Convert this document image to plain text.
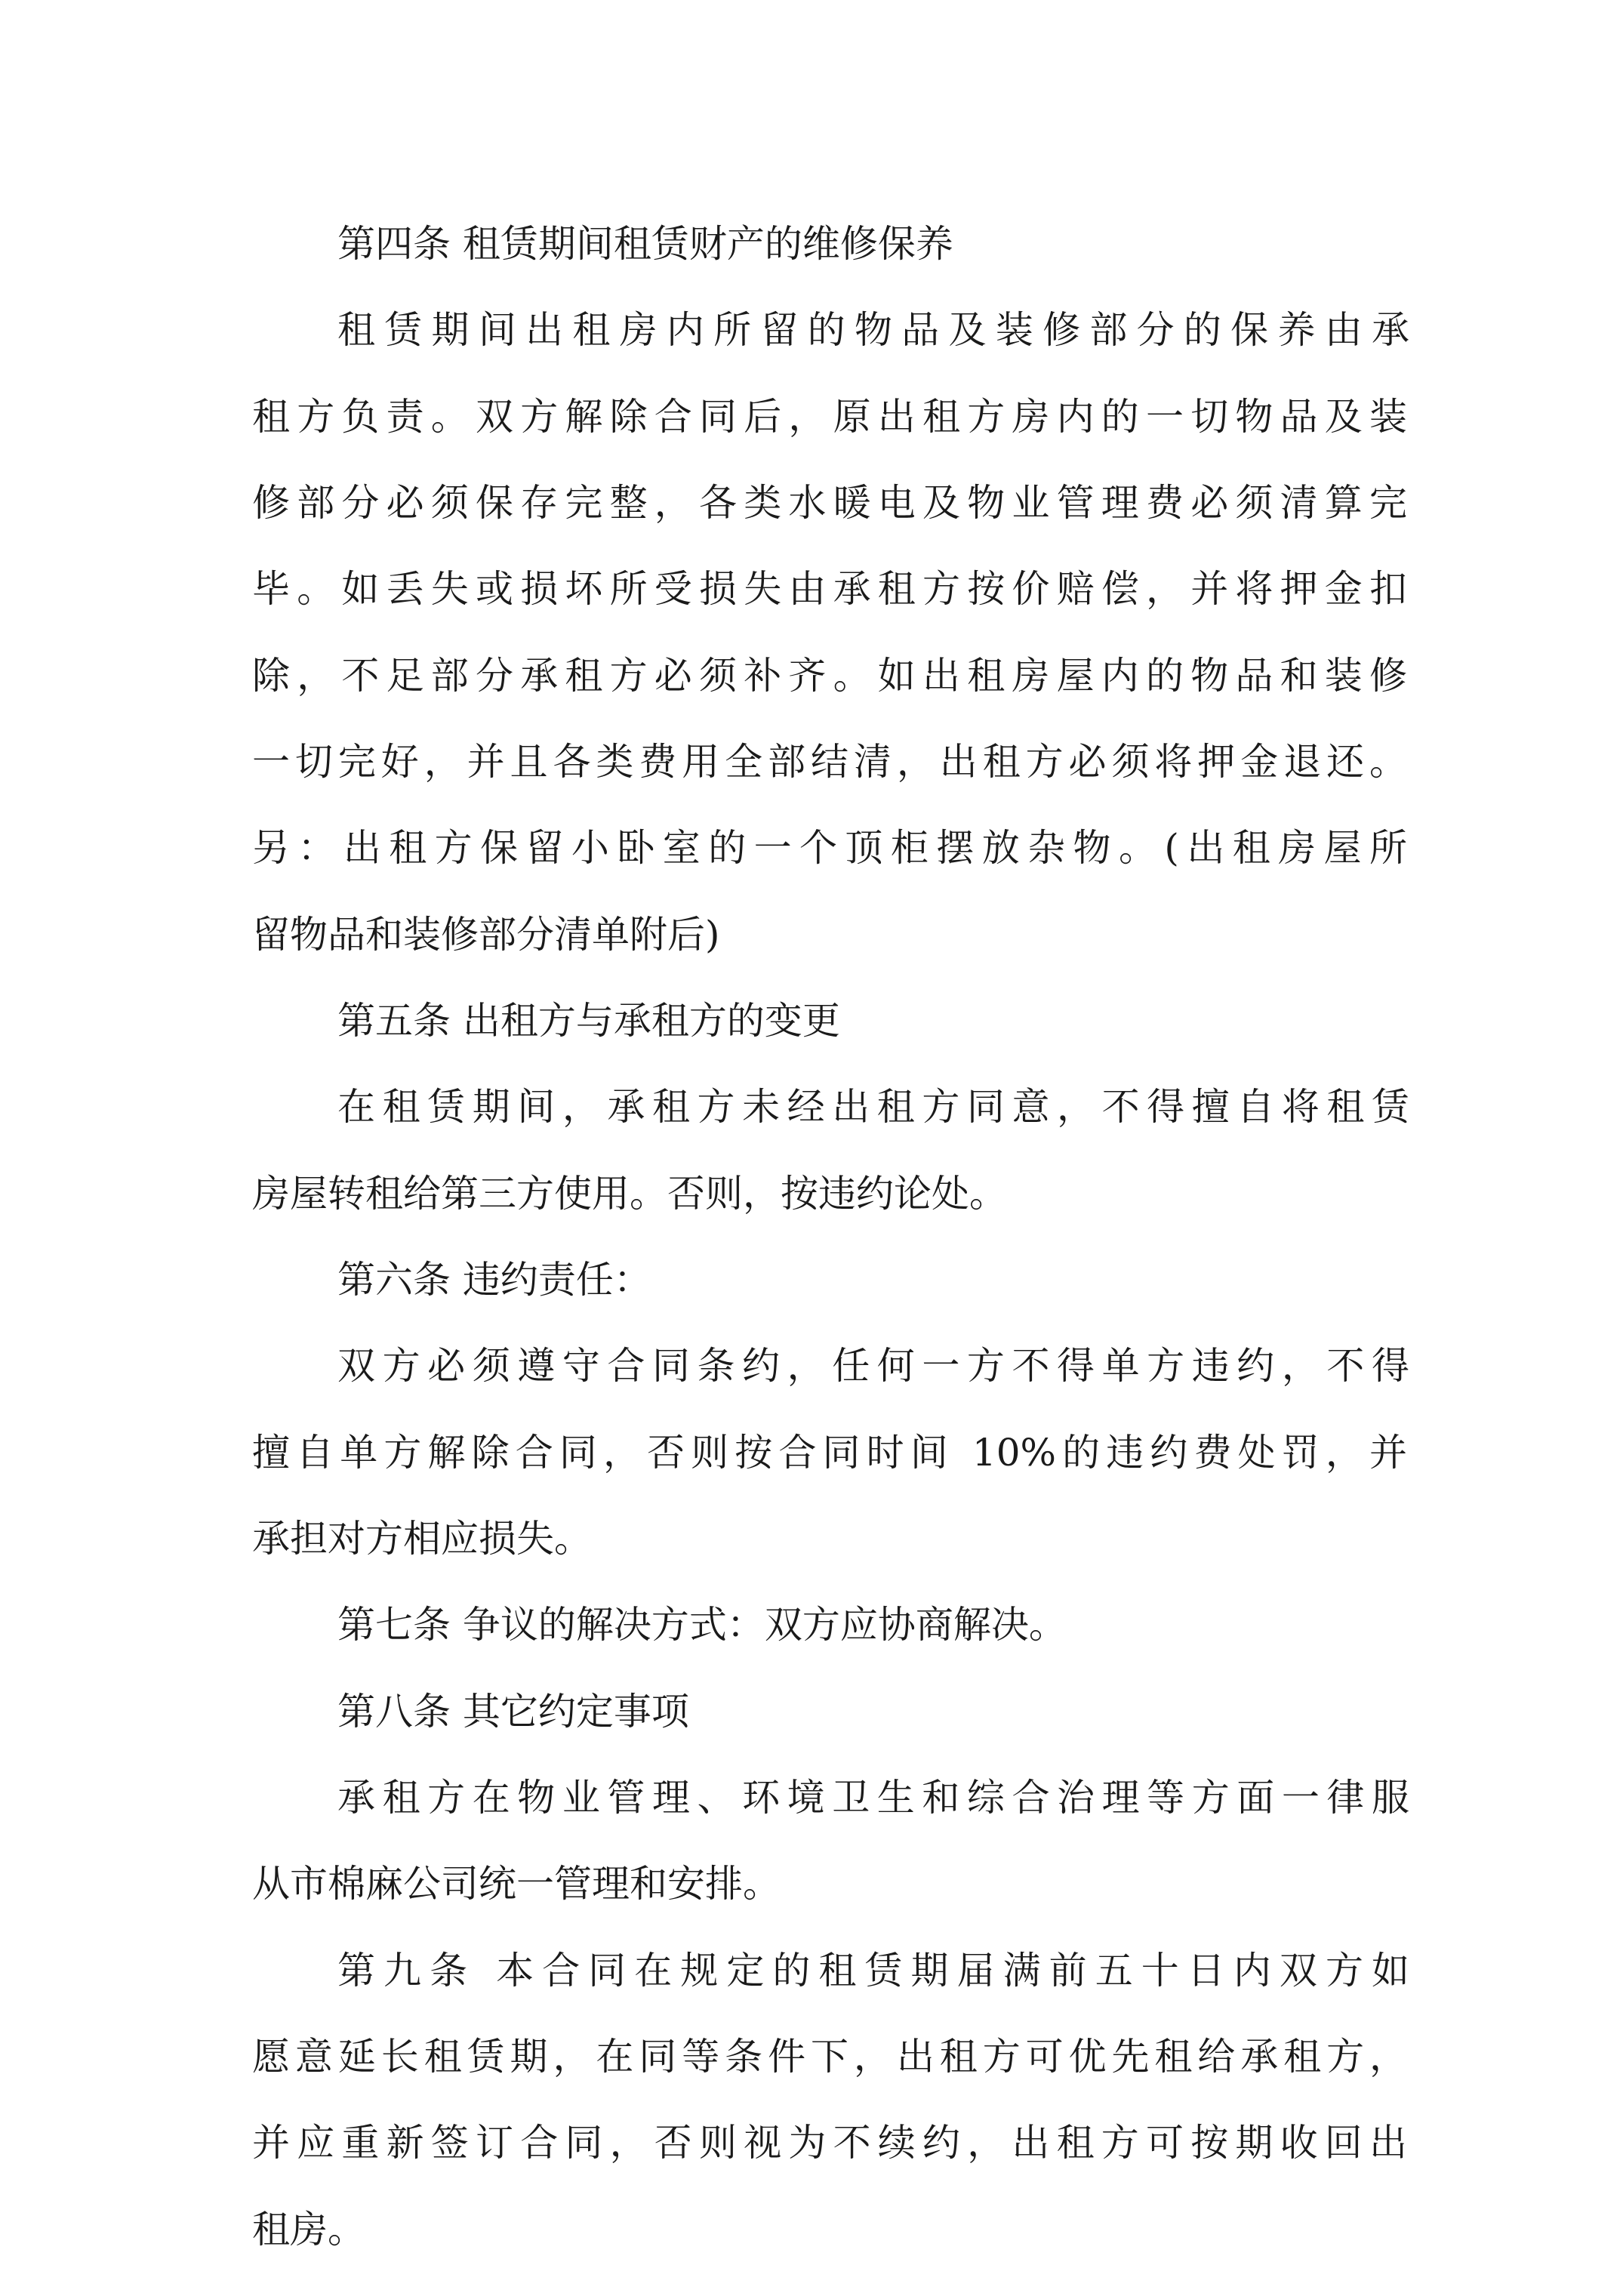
第四条 租赁期间租赁财产的维修保养
租赁期间出租房内所留的物品及装修部分的保养由承
租方负责。双方解除合同后，原出租方房内的一切物品及装
修部分必须保存完整，各类水暖电及物业管理费必须清算完
毕。如丢失或损坏所受损失由承租方按价赔偿，并将押金扣
除，不足部分承租方必须补齐。如出租房屋内的物品和装修
一切完好，并且各类费用全部结清，出租方必须将押金退还。
另：出租方保留小卧室的一个顶柜摆放杂物。(出租房屋所
留物品和装修部分清单附后)
第五条 出租方与承租方的变更
在租赁期间，承租方未经出租方同意，不得擅自将租赁
房屋转租给第三方使用。否则，按违约论处。
第六条 违约责任：
双方必须遵守合同条约，任何一方不得单方违约，不得
擅自单方解除合同，否则按合同时间 10%的违约费处罚，并
承担对方相应损失。
第七条 争议的解决方式：双方应协商解决。
第八条 其它约定事项
承租方在物业管理、环境卫生和综合治理等方面一律服
从市棉麻公司统一管理和安排。
第九条 本合同在规定的租赁期届满前五十日内双方如
愿意延长租赁期，在同等条件下，出租方可优先租给承租方，
并应重新签订合同，否则视为不续约，出租方可按期收回出
租房。
